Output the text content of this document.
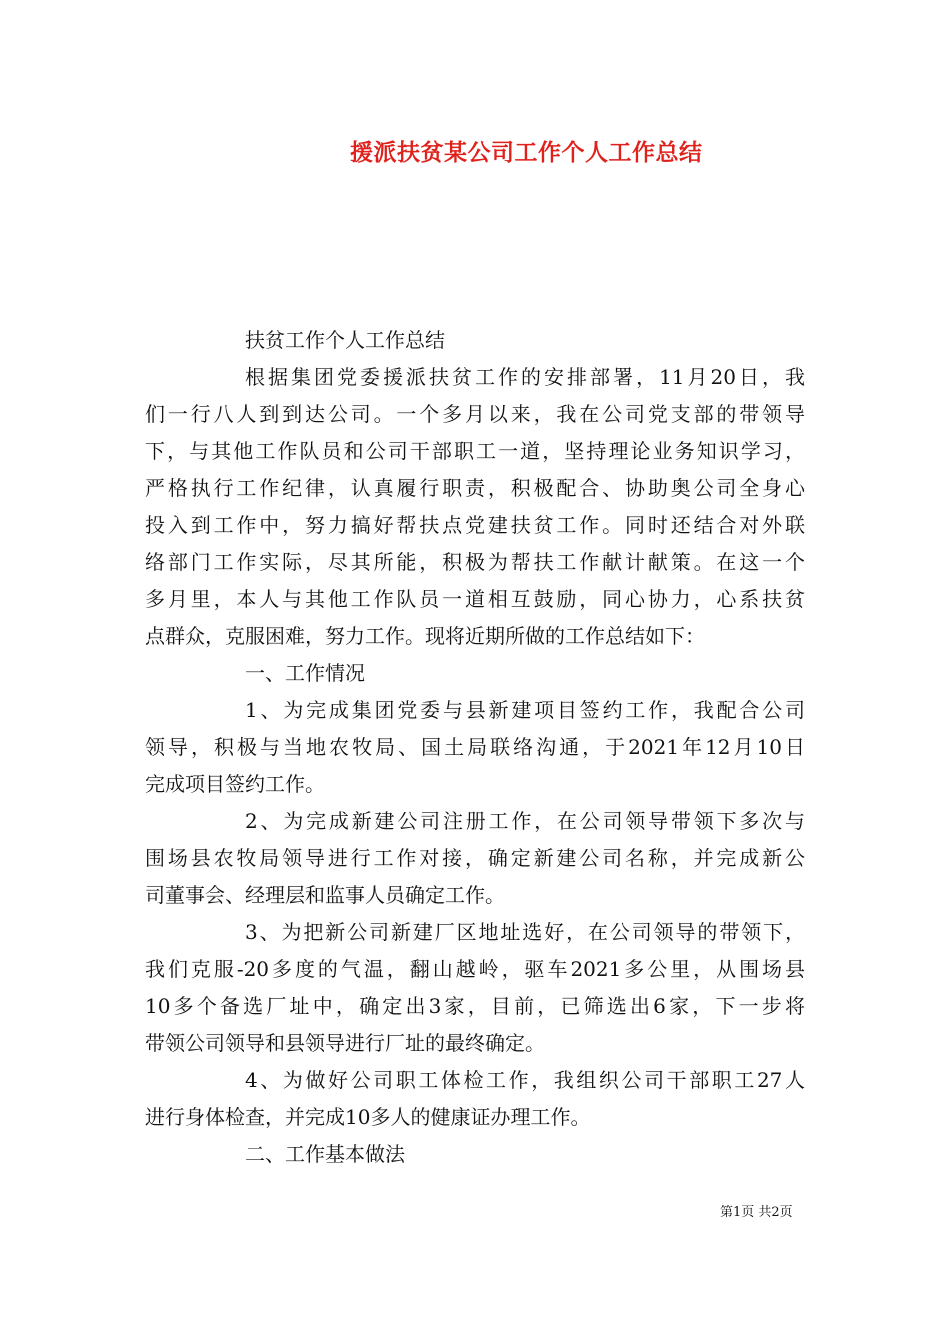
援派扶贫某公司工作个人工作总结
扶贫工作个人工作总结
根据集团党委援派扶贫工作的安排部署，11月20日，我
们一行八人到到达公司。一个多月以来，我在公司党支部的带领导
下，与其他工作队员和公司干部职工一道，坚持理论业务知识学习，
严格执行工作纪律，认真履行职责，积极配合、协助奥公司全身心
投入到工作中，努力搞好帮扶点党建扶贫工作。同时还结合对外联
络部门工作实际，尽其所能，积极为帮扶工作献计献策。在这一个
多月里，本人与其他工作队员一道相互鼓励，同心协力，心系扶贫
点群众，克服困难，努力工作。现将近期所做的工作总结如下：
一、工作情况
1、为完成集团党委与县新建项目签约工作，我配合公司
领导，积极与当地农牧局、国土局联络沟通，于2021年12月10日
完成项目签约工作。
2、为完成新建公司注册工作，在公司领导带领下多次与
围场县农牧局领导进行工作对接，确定新建公司名称，并完成新公
司董事会、经理层和监事人员确定工作。
3、为把新公司新建厂区地址选好，在公司领导的带领下，
我们克服-20多度的气温，翻山越岭，驱车2021多公里，从围场县
10多个备选厂址中，确定出3家，目前，已筛选出6家，下一步将
带领公司领导和县领导进行厂址的最终确定。
4、为做好公司职工体检工作，我组织公司干部职工27人
进行身体检查，并完成10多人的健康证办理工作。
二、工作基本做法
第1页 共2页
